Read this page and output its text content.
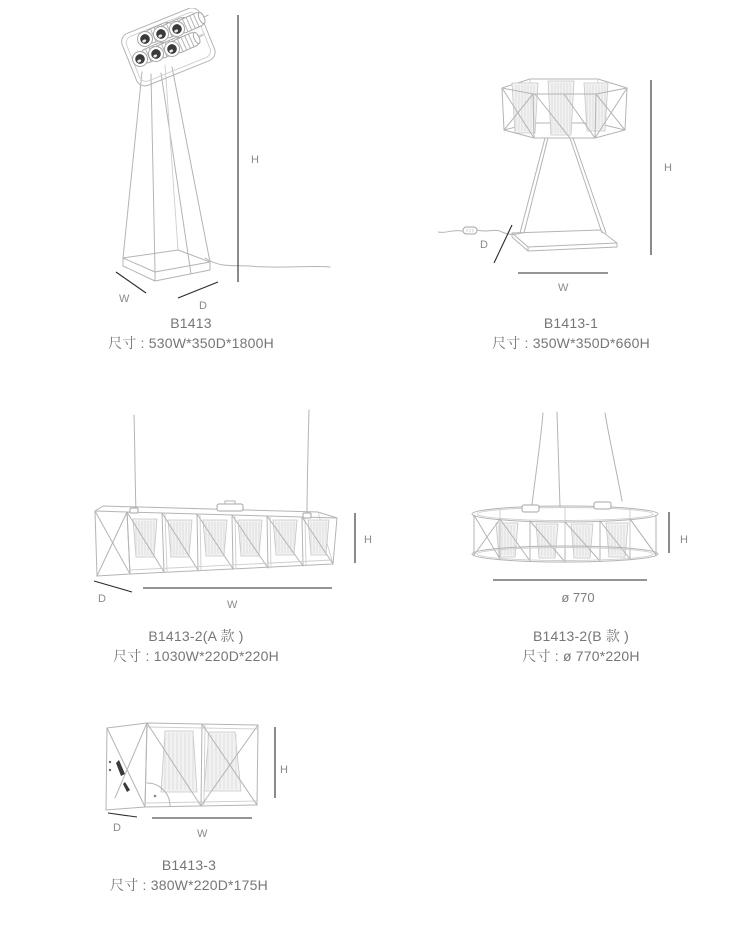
H
W
D
B1413
尺寸 : 530W*350D*1800H
D
H
W
B1413-1
尺寸 : 350W*350D*660H
H
W
D
B1413-2(A 款 )
尺寸 : 1030W*220D*220H
H
ø 770
B1413-2(B 款 )
尺寸 : ø 770*220H
H
W
D
B1413-3
尺寸 : 380W*220D*175H
